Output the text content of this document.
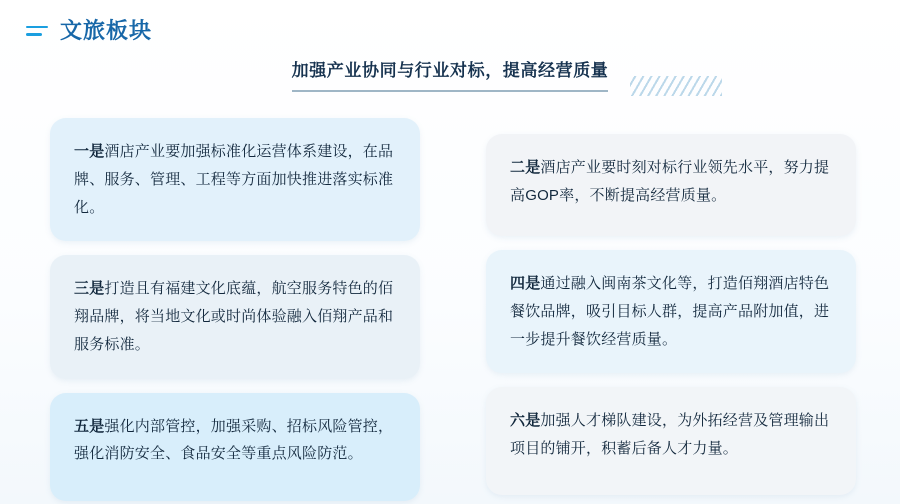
文旅板块
加强产业协同与行业对标，提高经营质量
一是酒店产业要加强标准化运营体系建设，在品牌、服务、管理、工程等方面加快推进落实标准化。
三是打造且有福建文化底蕴，航空服务特色的佰翔品牌，将当地文化或时尚体验融入佰翔产品和服务标准。
五是强化内部管控，加强采购、招标风险管控，强化消防安全、食品安全等重点风险防范。
二是酒店产业要时刻对标行业领先水平，努力提高GOP率，不断提高经营质量。
四是通过融入闽南茶文化等，打造佰翔酒店特色餐饮品牌，吸引目标人群，提高产品附加值，进一步提升餐饮经营质量。
六是加强人才梯队建设，为外拓经营及管理输出项目的铺开，积蓄后备人才力量。
